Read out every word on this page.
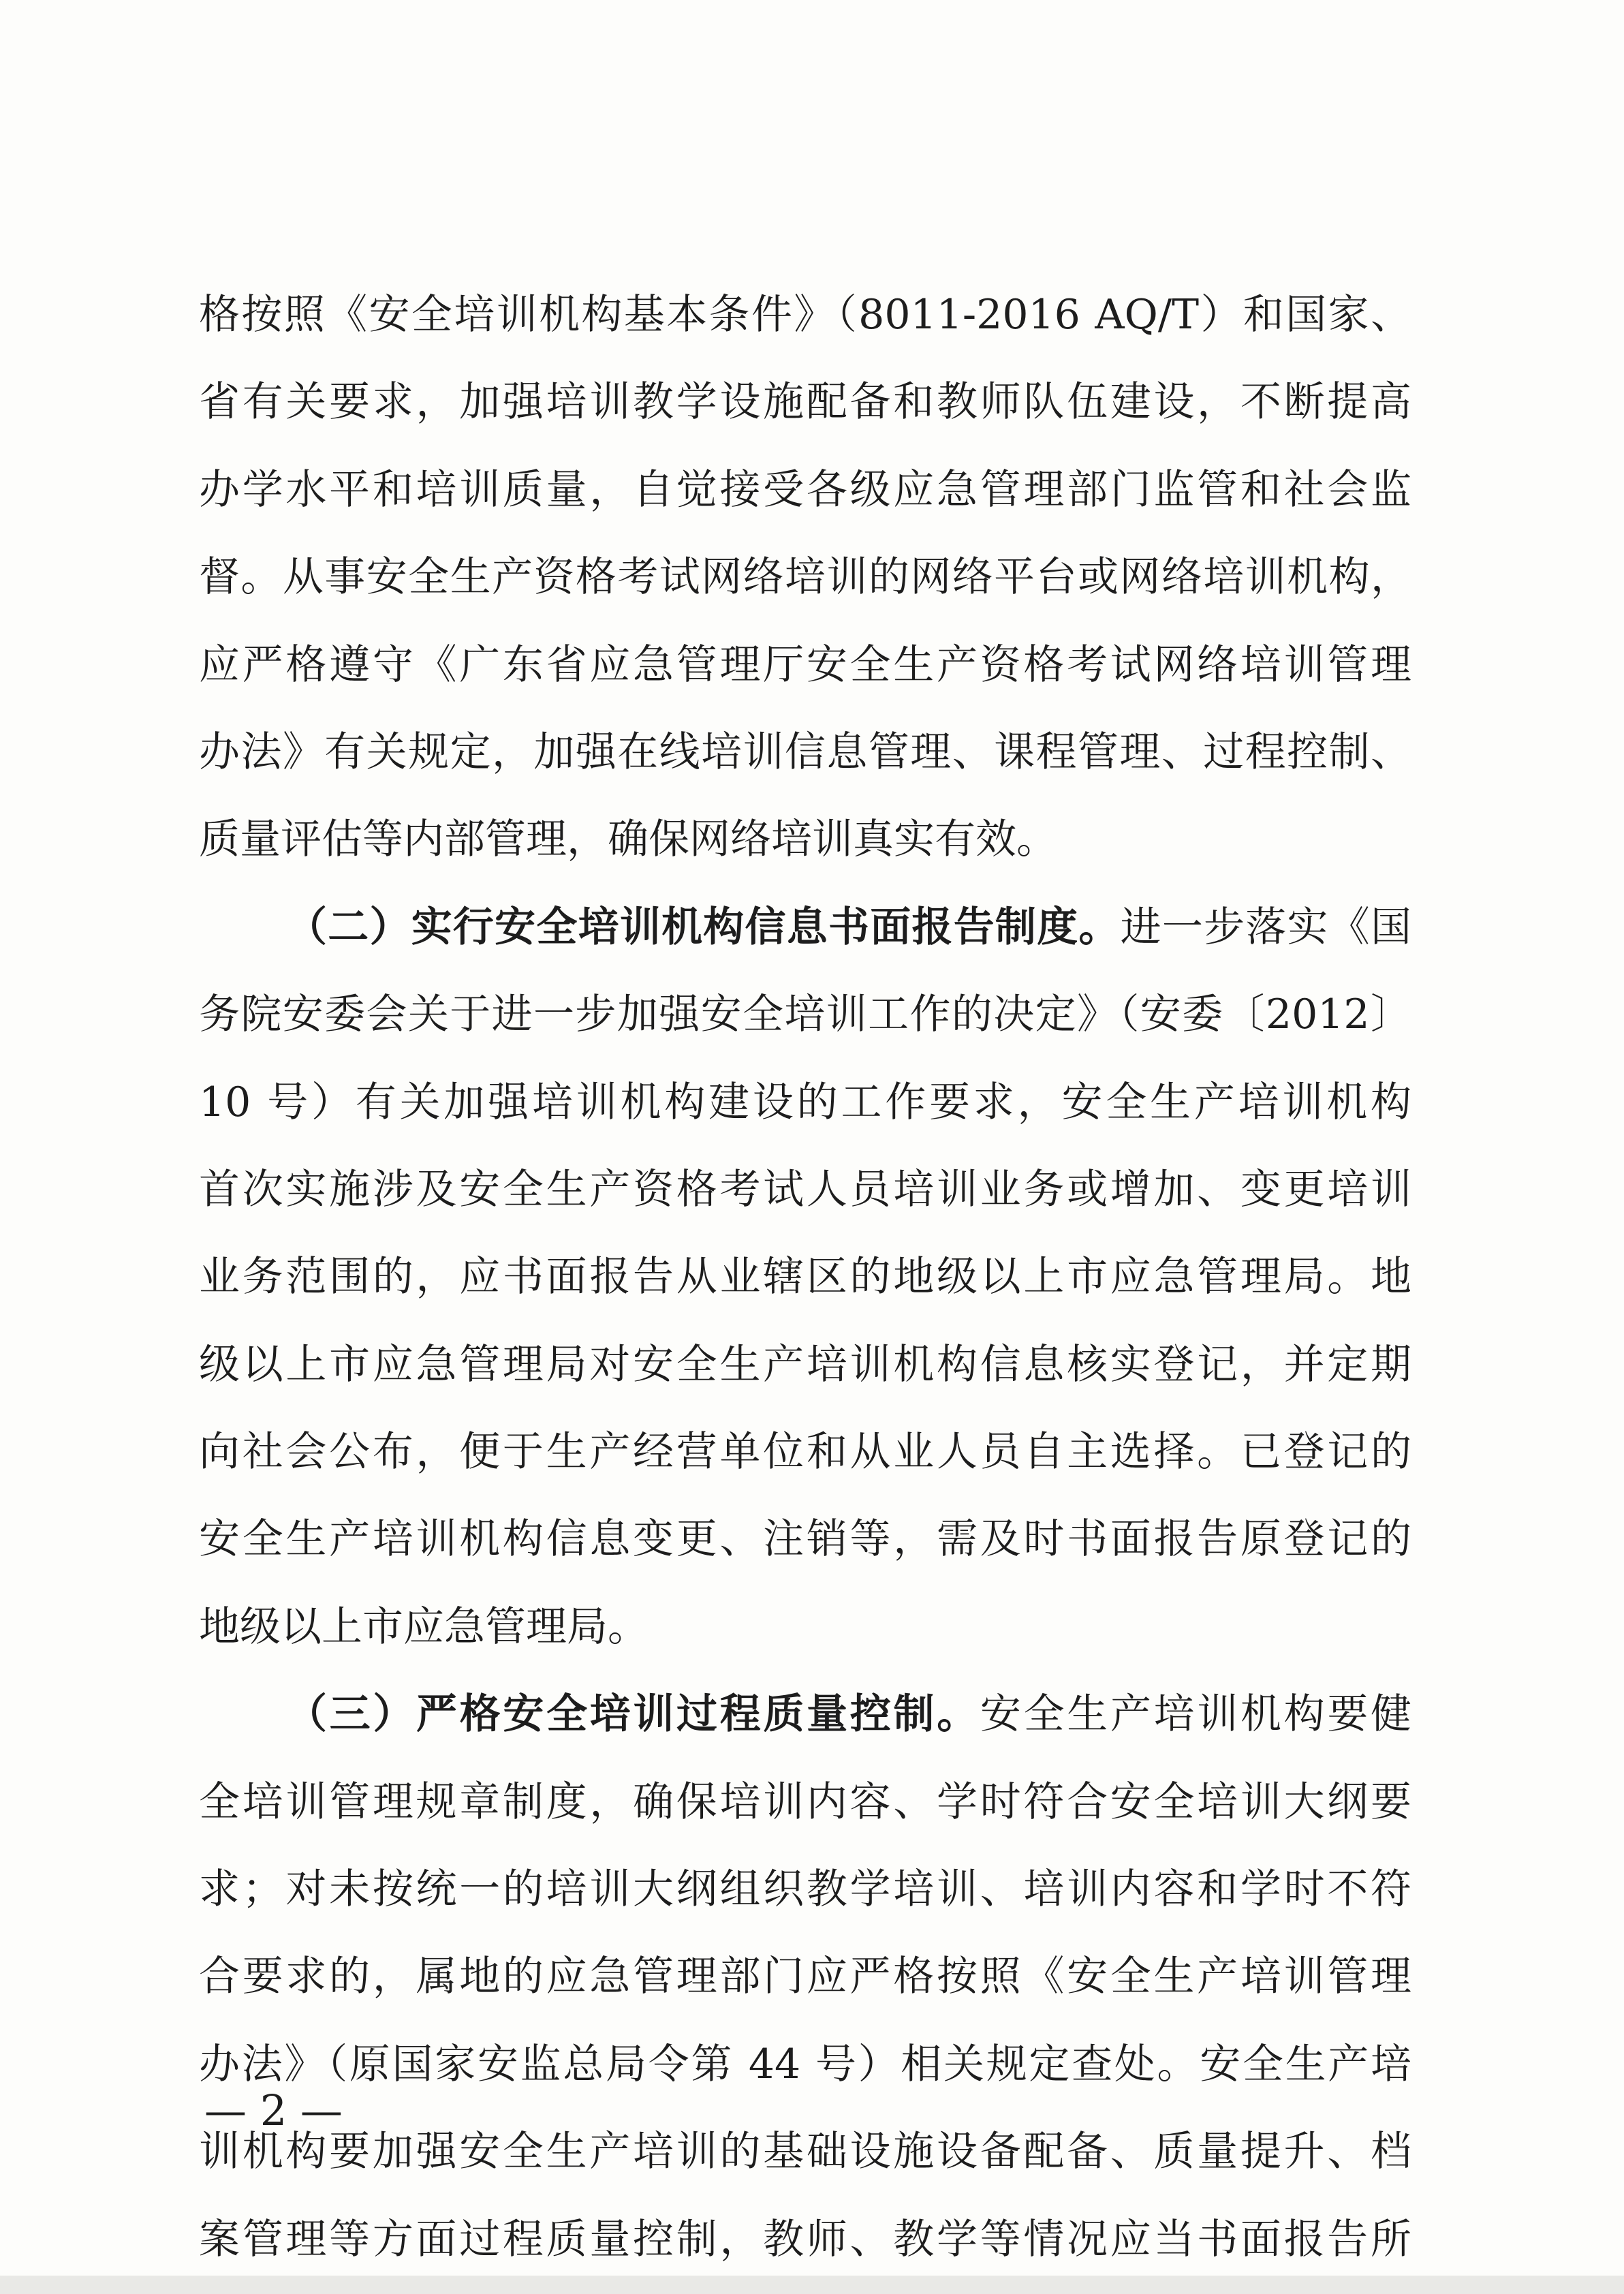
格按照《安全培训机构基本条件》（8011-2016 AQ/T）和国家、
省有关要求，加强培训教学设施配备和教师队伍建设，不断提高
办学水平和培训质量，自觉接受各级应急管理部门监管和社会监
督。从事安全生产资格考试网络培训的网络平台或网络培训机构，
应严格遵守《广东省应急管理厅安全生产资格考试网络培训管理
办法》有关规定，加强在线培训信息管理、课程管理、过程控制、
质量评估等内部管理，确保网络培训真实有效。
（二）实行安全培训机构信息书面报告制度。进一步落实《国
务院安委会关于进一步加强安全培训工作的决定》（安委〔2012〕
10 号）有关加强培训机构建设的工作要求，安全生产培训机构
首次实施涉及安全生产资格考试人员培训业务或增加、变更培训
业务范围的，应书面报告从业辖区的地级以上市应急管理局。地
级以上市应急管理局对安全生产培训机构信息核实登记，并定期
向社会公布，便于生产经营单位和从业人员自主选择。已登记的
安全生产培训机构信息变更、注销等，需及时书面报告原登记的
地级以上市应急管理局。
（三）严格安全培训过程质量控制。安全生产培训机构要健
全培训管理规章制度，确保培训内容、学时符合安全培训大纲要
求；对未按统一的培训大纲组织教学培训、培训内容和学时不符
合要求的，属地的应急管理部门应严格按照《安全生产培训管理
办法》（原国家安监总局令第 44 号）相关规定查处。安全生产培
训机构要加强安全生产培训的基础设施设备配备、质量提升、档
案管理等方面过程质量控制，教师、教学等情况应当书面报告所
— 2 —
